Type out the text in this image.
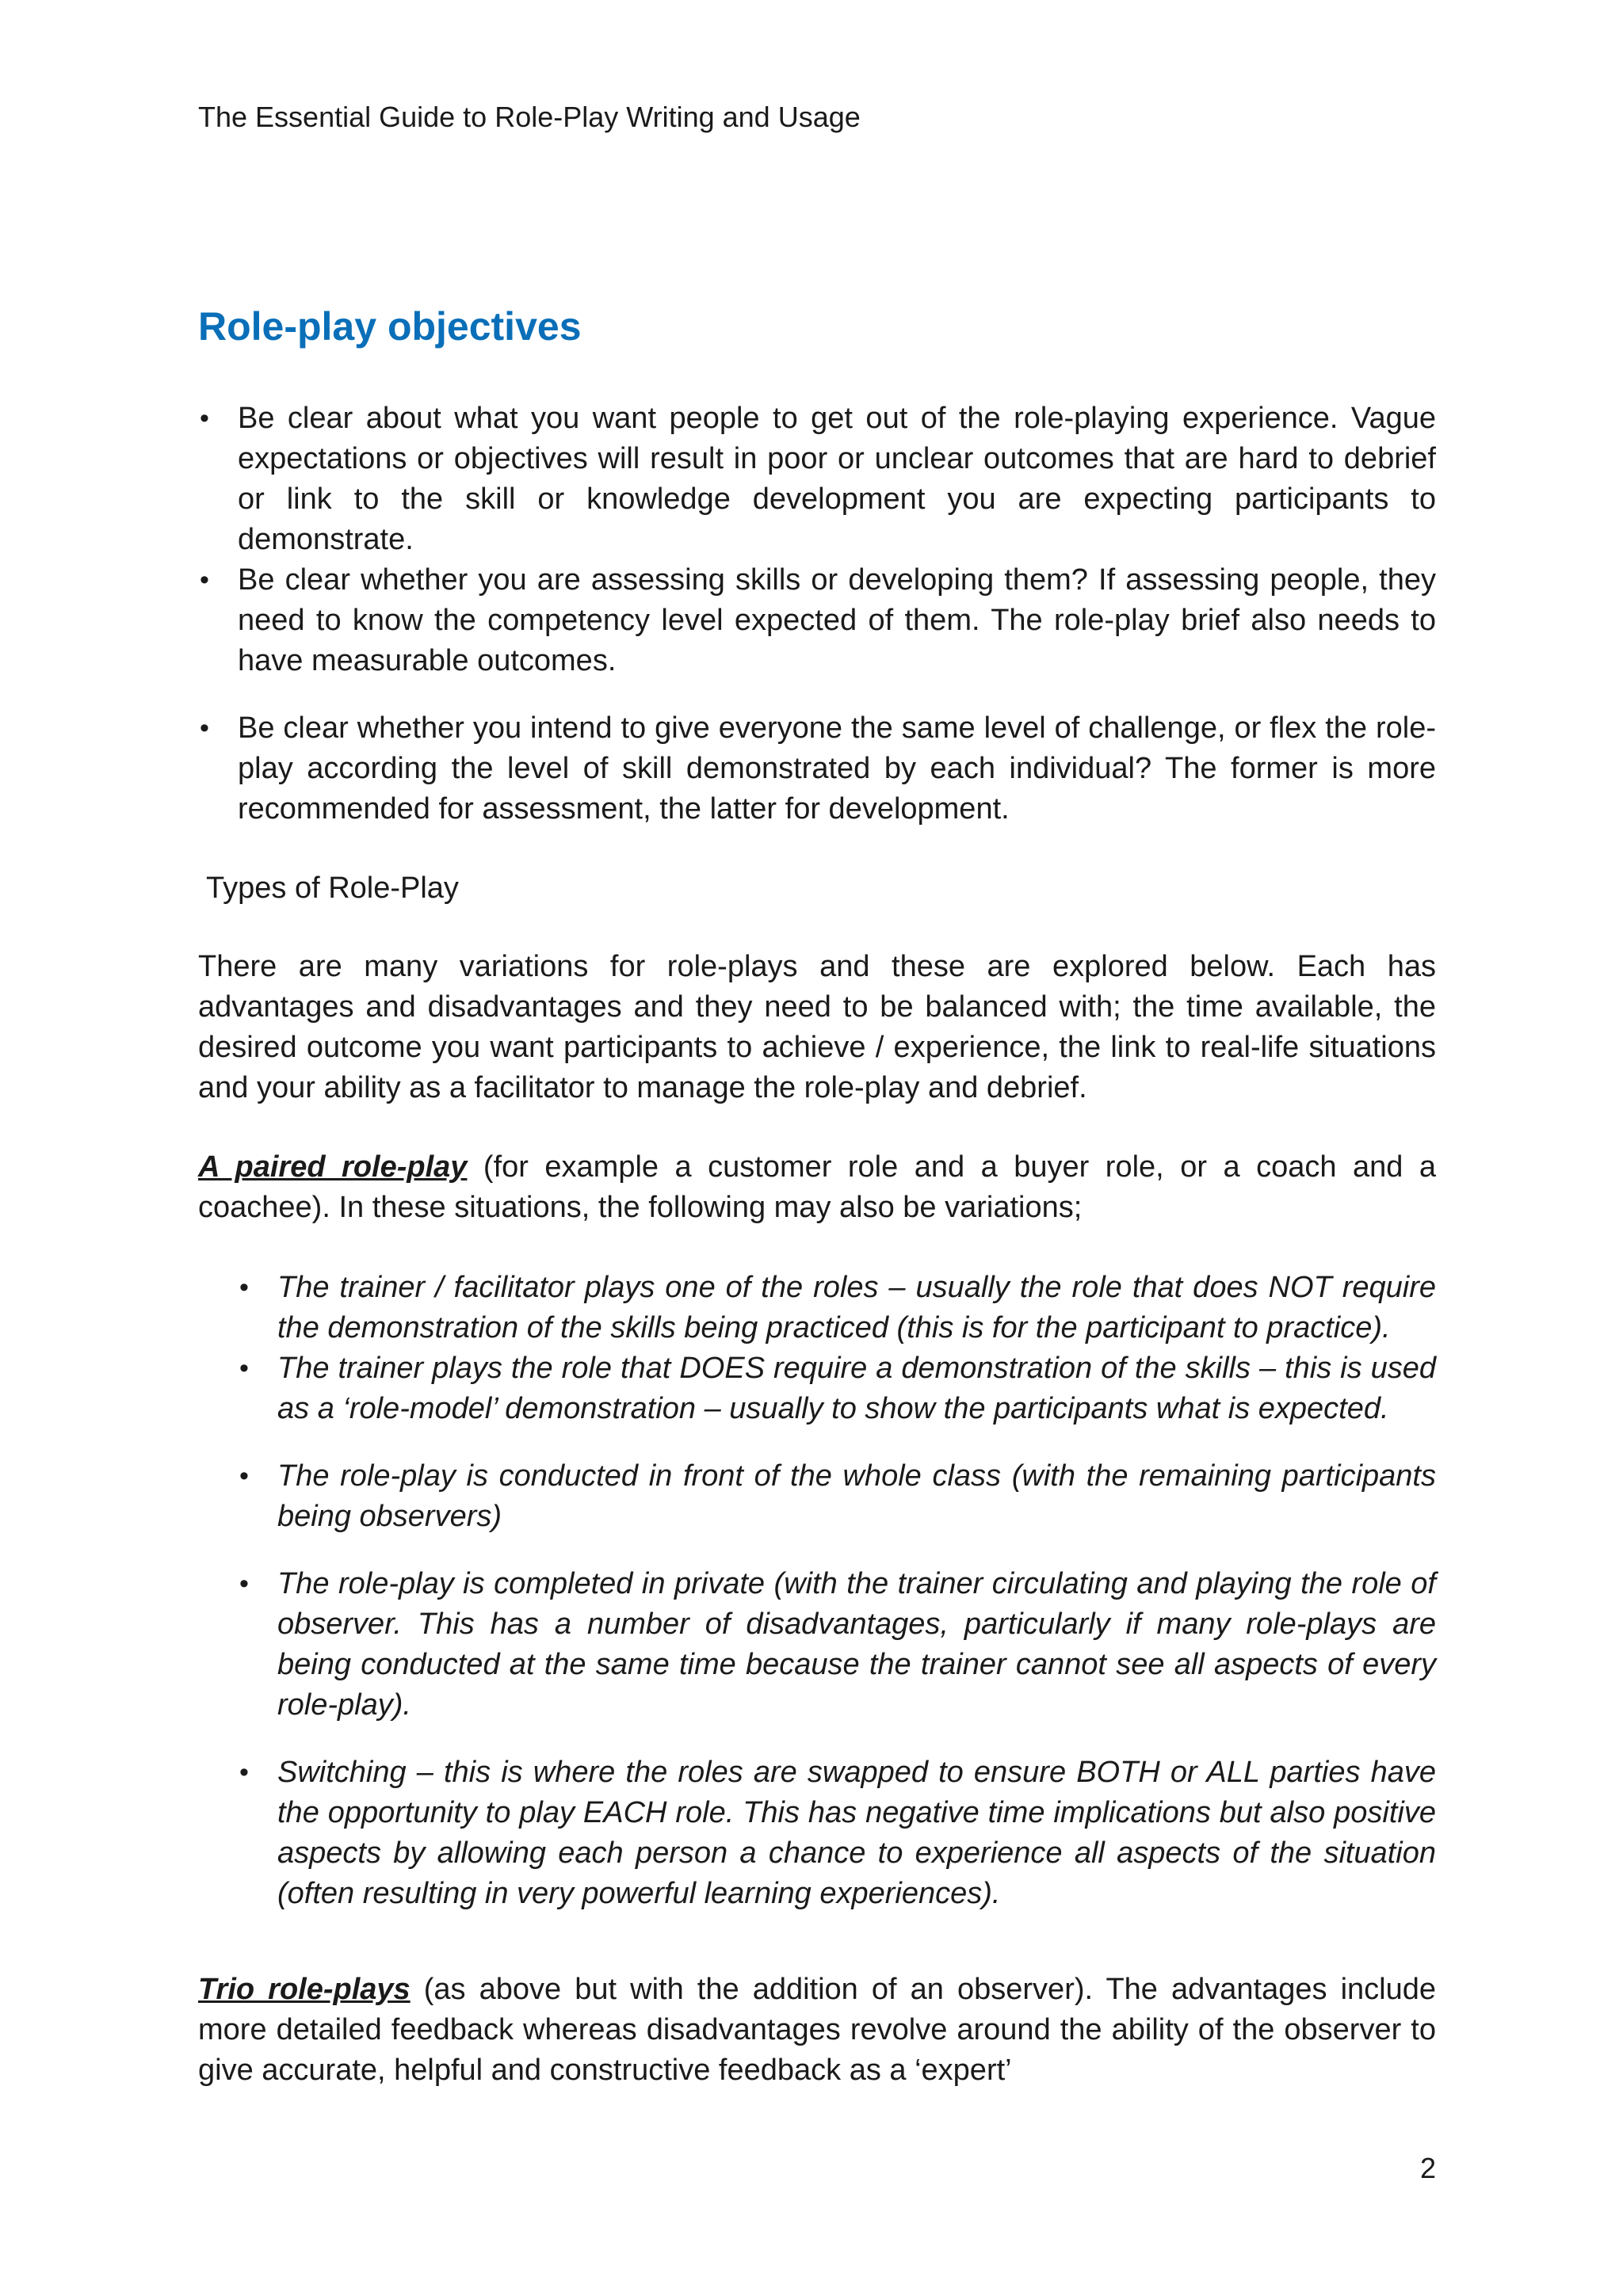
The Essential Guide to Role-Play Writing and Usage
Role-play objectives
• Be clear about what you want people to get out of the role-playing experience. Vague expectations or objectives will result in poor or unclear outcomes that are hard to debrief or link to the skill or knowledge development you are expecting participants to demonstrate.
• Be clear whether you are assessing skills or developing them? If assessing people, they need to know the competency level expected of them. The role-play brief also needs to have measurable outcomes.
• Be clear whether you intend to give everyone the same level of challenge, or flex the role-play according the level of skill demonstrated by each individual? The former is more recommended for assessment, the latter for development.
Types of Role-Play

There are many variations for role-plays and these are explored below. Each has advantages and disadvantages and they need to be balanced with; the time available, the desired outcome you want participants to achieve / experience, the link to real-life situations and your ability as a facilitator to manage the role-play and debrief.

A paired role-play (for example a customer role and a buyer role, or a coach and a coachee). In these situations, the following may also be variations;

• The trainer / facilitator plays one of the roles – usually the role that does NOT require the demonstration of the skills being practiced (this is for the participant to practice).
• The trainer plays the role that DOES require a demonstration of the skills – this is used as a ‘role-model’ demonstration – usually to show the participants what is expected.
• The role-play is conducted in front of the whole class (with the remaining participants being observers)
• The role-play is completed in private (with the trainer circulating and playing the role of observer. This has a number of disadvantages, particularly if many role-plays are being conducted at the same time because the trainer cannot see all aspects of every role-play).
• Switching – this is where the roles are swapped to ensure BOTH or ALL parties have the opportunity to play EACH role. This has negative time implications but also positive aspects by allowing each person a chance to experience all aspects of the situation (often resulting in very powerful learning experiences).

Trio role-plays (as above but with the addition of an observer). The advantages include more detailed feedback whereas disadvantages revolve around the ability of the observer to give accurate, helpful and constructive feedback as a ‘expert’

2
